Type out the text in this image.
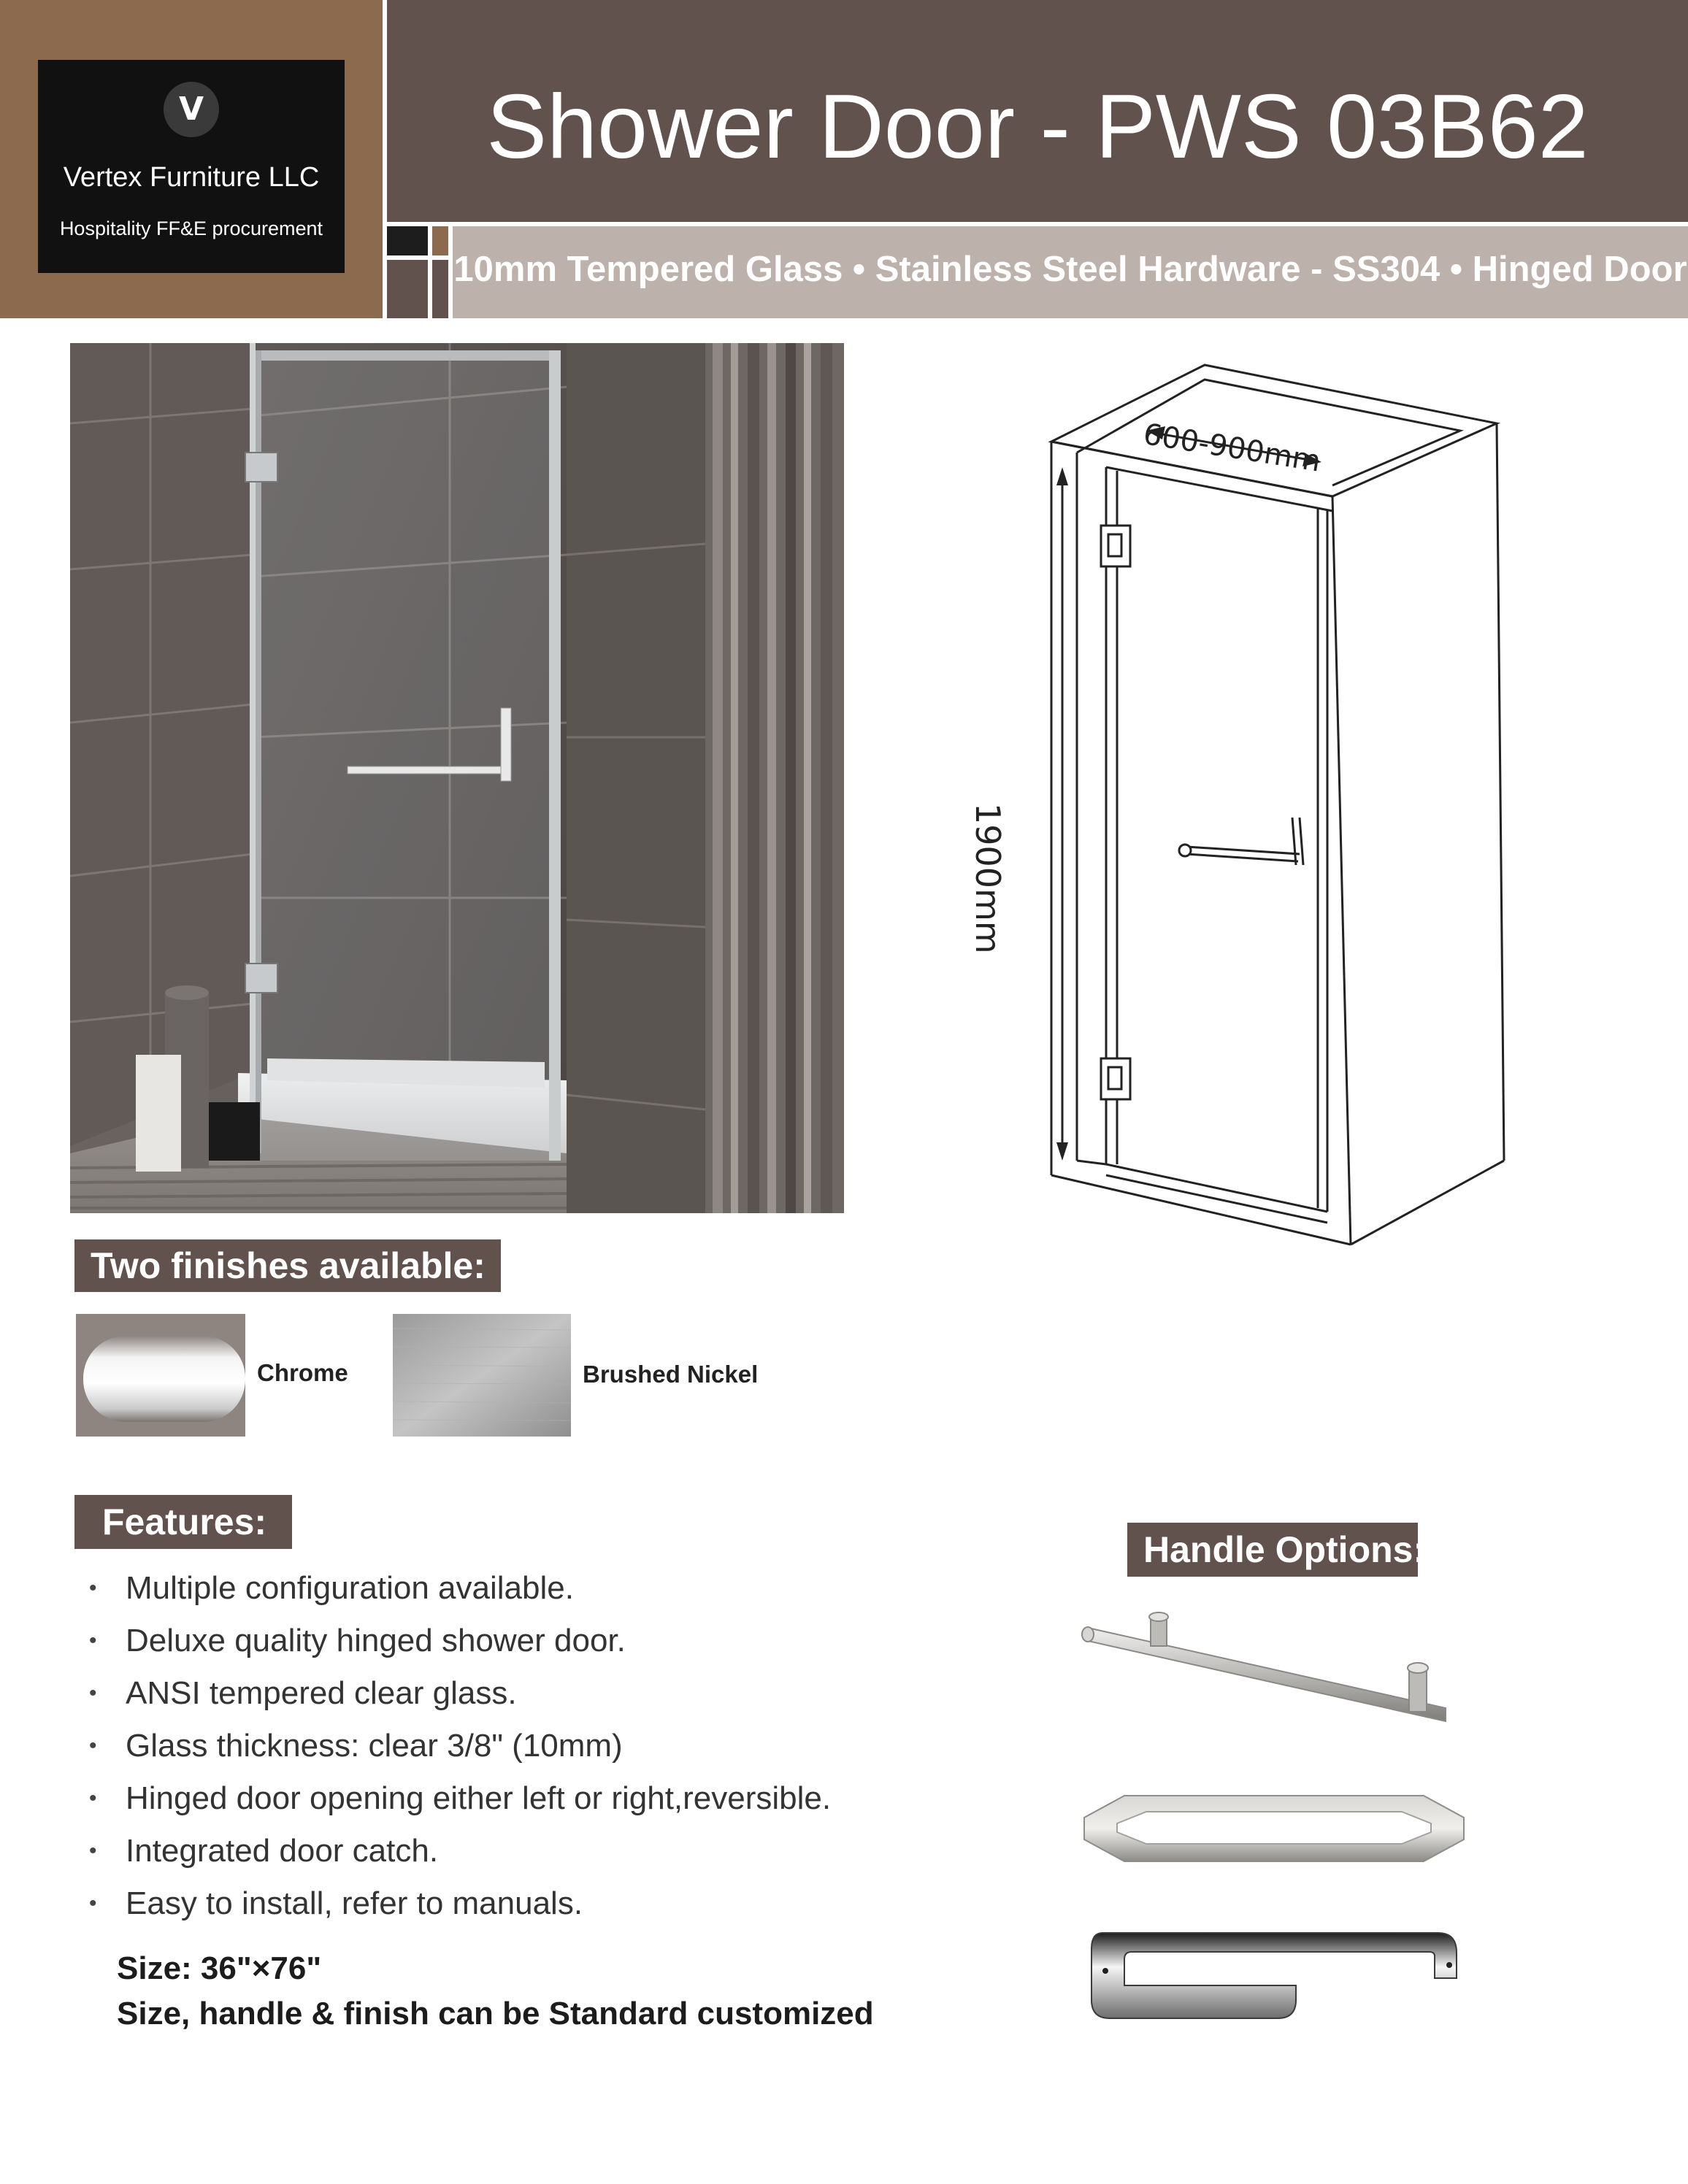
V
Vertex Furniture LLC
Hospitality FF&E procurement
Shower Door - PWS 03B62
10mm Tempered Glass • Stainless Steel Hardware - SS304 • Hinged Door
600-900mm
1900mm
Two finishes available:
Chrome	Brushed Nickel
Features:
• Multiple configuration available.
• Deluxe quality hinged shower door.
• ANSI tempered clear glass.
• Glass thickness: clear 3/8" (10mm)
• Hinged door opening either left or right,reversible.
• Integrated door catch.
• Easy to install, refer to manuals.
Size: 36"×76"
Size, handle & finish can be Standard customized
Handle Options:
